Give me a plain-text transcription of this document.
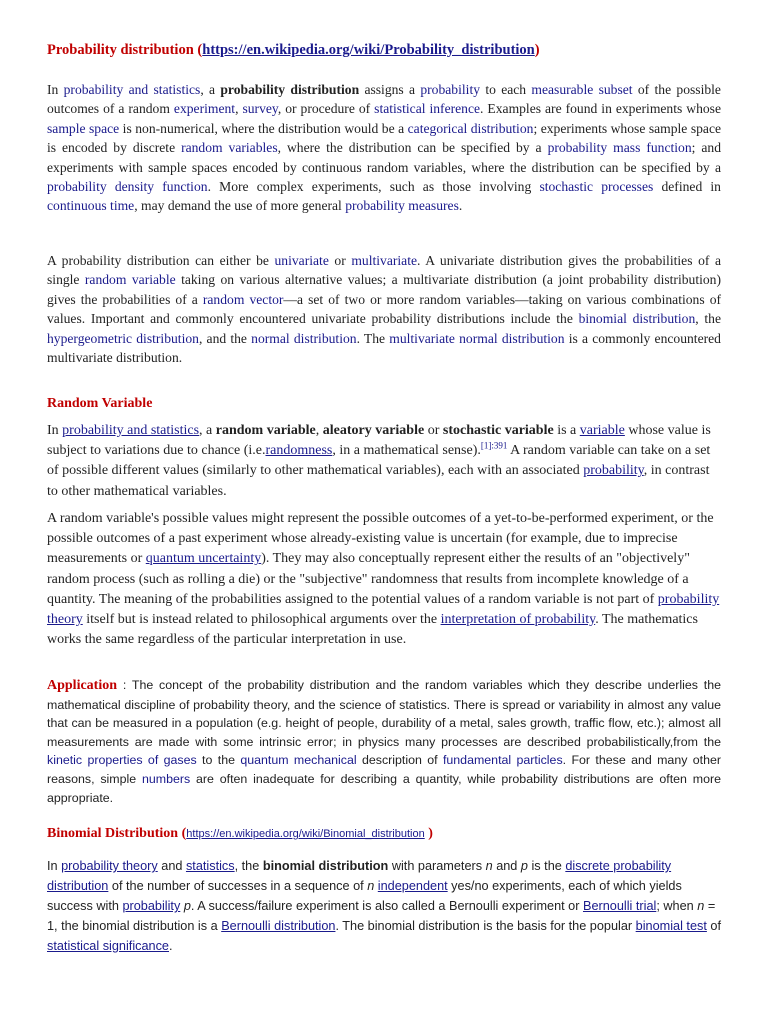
Probability distribution (https://en.wikipedia.org/wiki/Probability_distribution)
In probability and statistics, a probability distribution assigns a probability to each measurable subset of the possible outcomes of a random experiment, survey, or procedure of statistical inference. Examples are found in experiments whose sample space is non-numerical, where the distribution would be a categorical distribution; experiments whose sample space is encoded by discrete random variables, where the distribution can be specified by a probability mass function; and experiments with sample spaces encoded by continuous random variables, where the distribution can be specified by a probability density function. More complex experiments, such as those involving stochastic processes defined in continuous time, may demand the use of more general probability measures.
A probability distribution can either be univariate or multivariate. A univariate distribution gives the probabilities of a single random variable taking on various alternative values; a multivariate distribution (a joint probability distribution) gives the probabilities of a random vector—a set of two or more random variables—taking on various combinations of values. Important and commonly encountered univariate probability distributions include the binomial distribution, the hypergeometric distribution, and the normal distribution. The multivariate normal distribution is a commonly encountered multivariate distribution.
Random Variable
In probability and statistics, a random variable, aleatory variable or stochastic variable is a variable whose value is subject to variations due to chance (i.e.randomness, in a mathematical sense).$^{[1]:391}$ A random variable can take on a set of possible different values (similarly to other mathematical variables), each with an associated probability, in contrast to other mathematical variables.
A random variable's possible values might represent the possible outcomes of a yet-to-be-performed experiment, or the possible outcomes of a past experiment whose already-existing value is uncertain (for example, due to imprecise measurements or quantum uncertainty). They may also conceptually represent either the results of an "objectively" random process (such as rolling a die) or the "subjective" randomness that results from incomplete knowledge of a quantity. The meaning of the probabilities assigned to the potential values of a random variable is not part of probability theory itself but is instead related to philosophical arguments over the interpretation of probability. The mathematics works the same regardless of the particular interpretation in use.
Application : The concept of the probability distribution and the random variables which they describe underlies the mathematical discipline of probability theory, and the science of statistics. There is spread or variability in almost any value that can be measured in a population (e.g. height of people, durability of a metal, sales growth, traffic flow, etc.); almost all measurements are made with some intrinsic error; in physics many processes are described probabilistically,from the kinetic properties of gases to the quantum mechanical description of fundamental particles. For these and many other reasons, simple numbers are often inadequate for describing a quantity, while probability distributions are often more appropriate.
Binomial Distribution (https://en.wikipedia.org/wiki/Binomial_distribution )
In probability theory and statistics, the binomial distribution with parameters n and p is the discrete probability distribution of the number of successes in a sequence of n independent yes/no experiments, each of which yields success with probability p. A success/failure experiment is also called a Bernoulli experiment or Bernoulli trial; when n = 1, the binomial distribution is a Bernoulli distribution. The binomial distribution is the basis for the popular binomial test of statistical significance.
